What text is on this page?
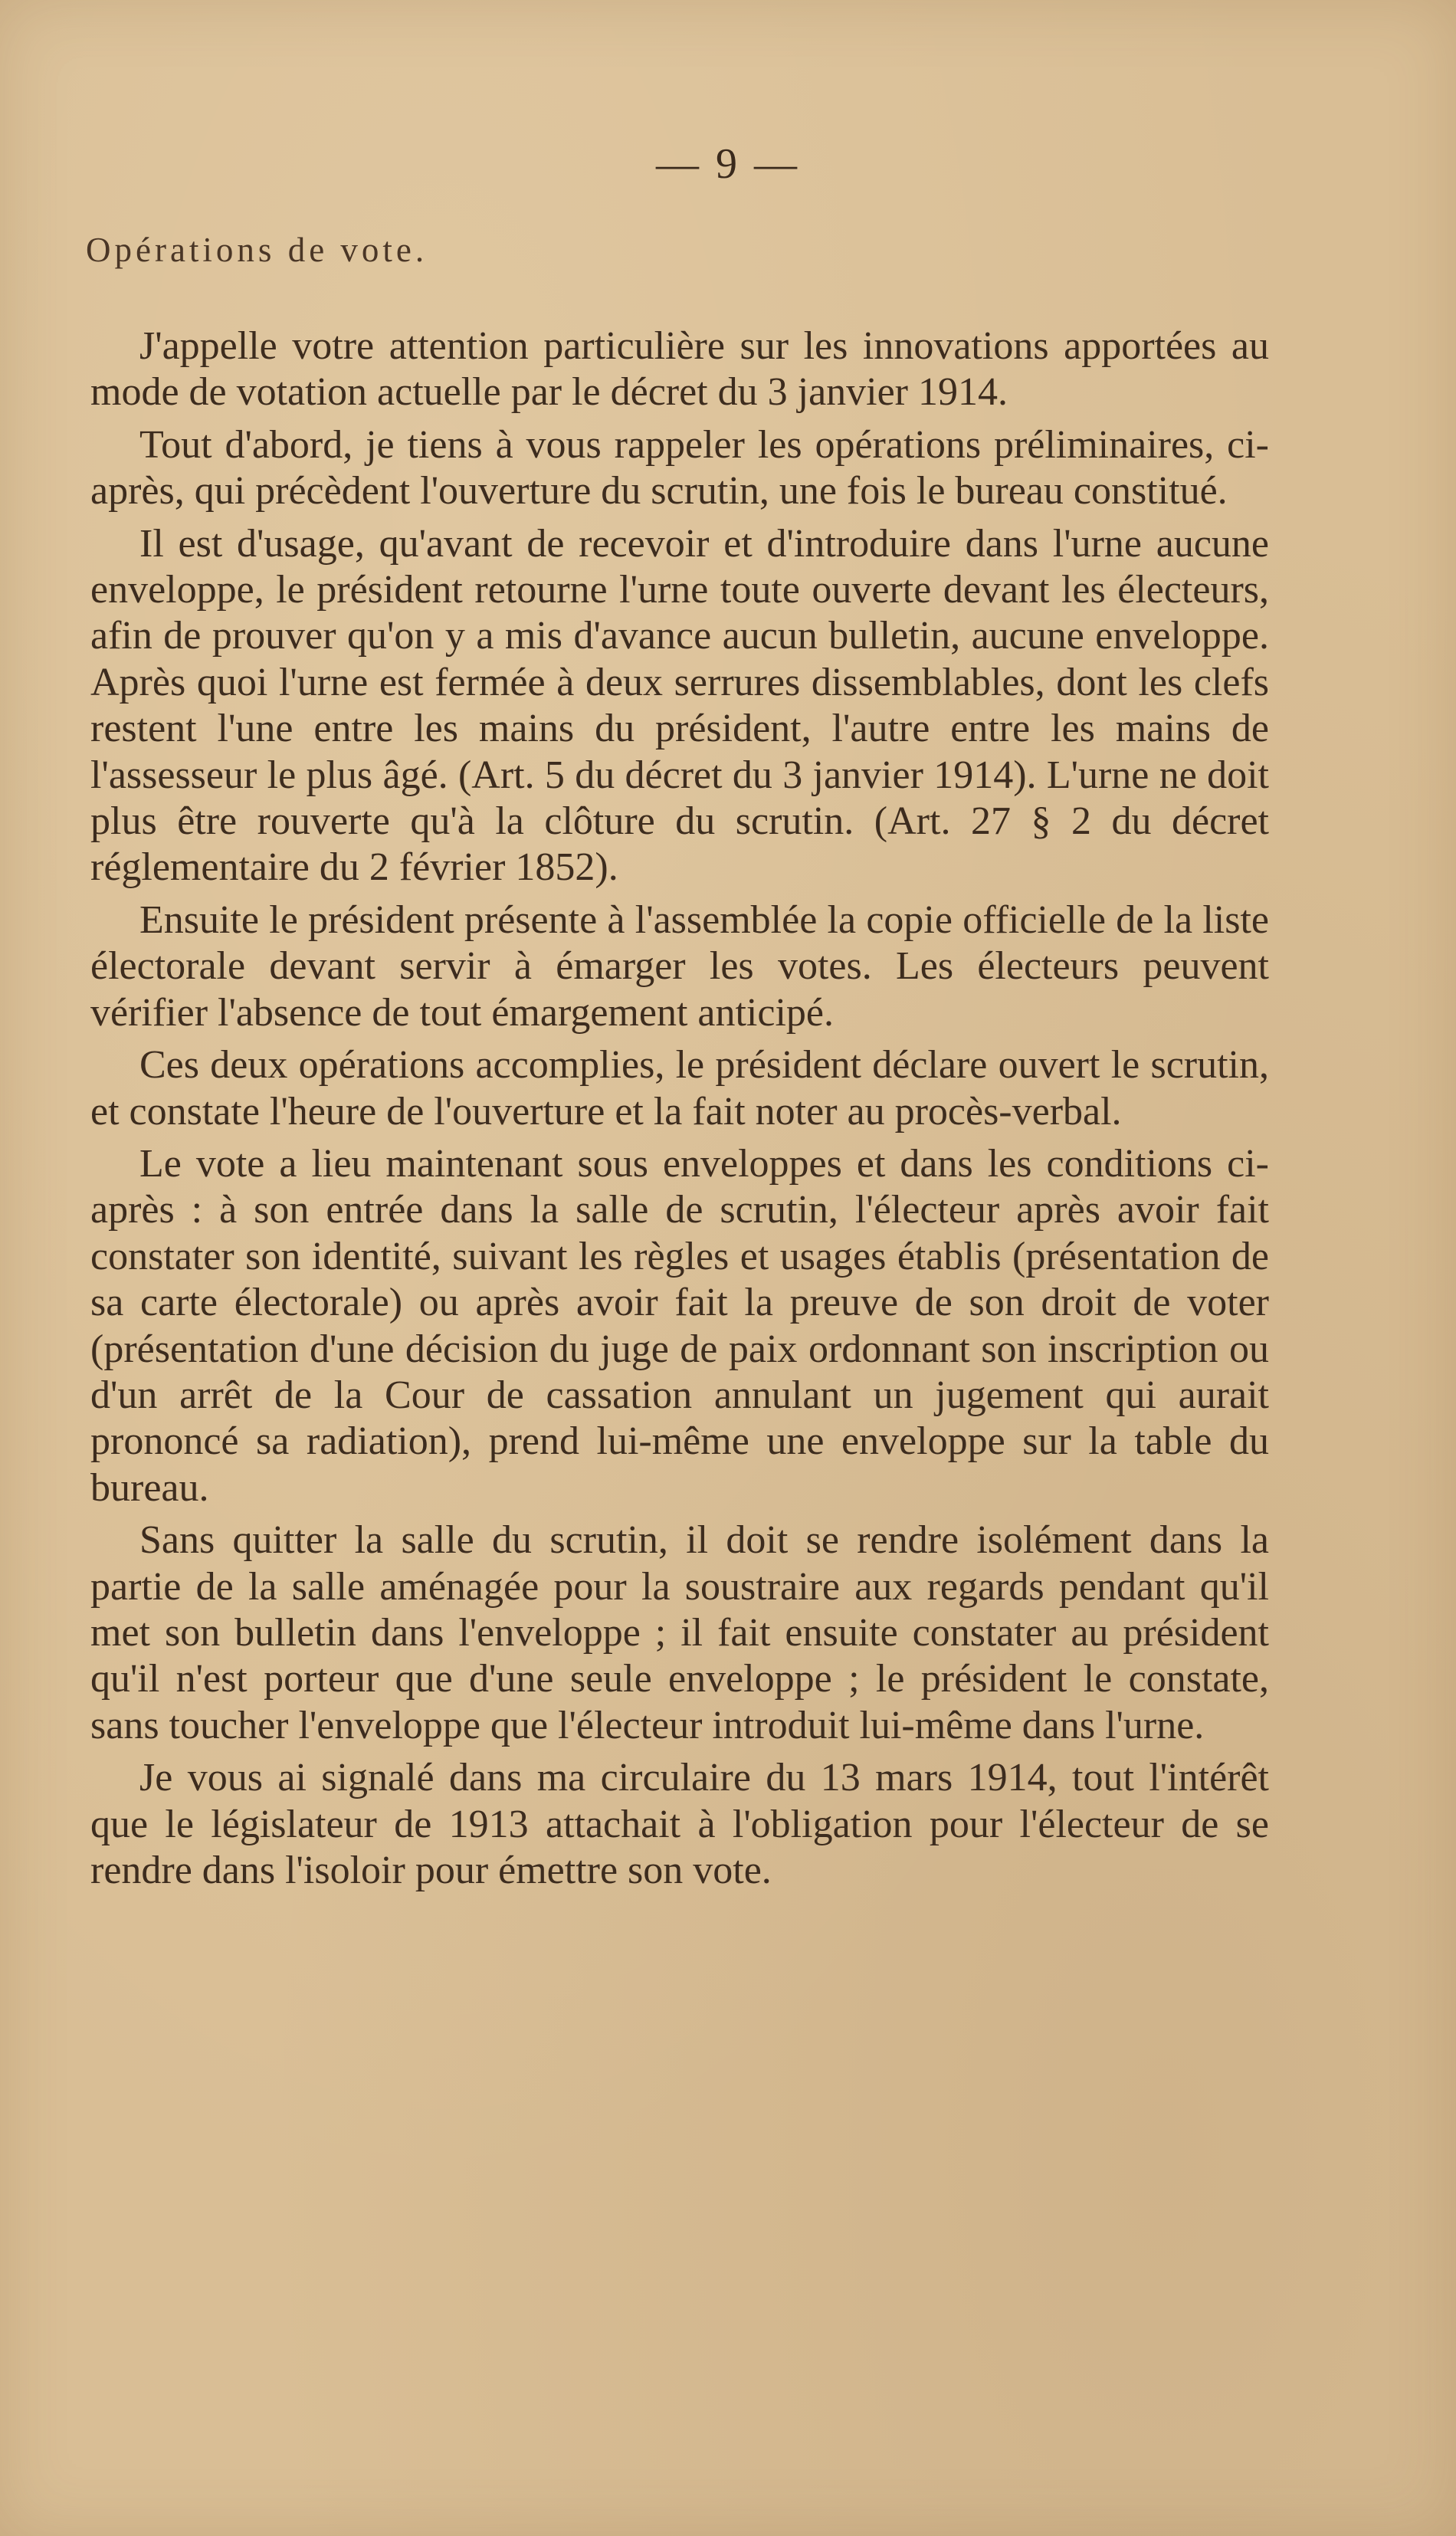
— 9 —
Opérations de vote.

J'appelle votre attention particulière sur les innovations apportées au mode de votation actuelle par le décret du 3 janvier 1914.

Tout d'abord, je tiens à vous rappeler les opérations préliminaires, ci-après, qui précèdent l'ouverture du scrutin, une fois le bureau constitué.

Il est d'usage, qu'avant de recevoir et d'introduire dans l'urne aucune enveloppe, le président retourne l'urne toute ouverte devant les électeurs, afin de prouver qu'on y a mis d'avance aucun bulletin, aucune enveloppe. Après quoi l'urne est fermée à deux serrures dissemblables, dont les clefs restent l'une entre les mains du président, l'autre entre les mains de l'assesseur le plus âgé. (Art. 5 du décret du 3 janvier 1914). L'urne ne doit plus être rouverte qu'à la clôture du scrutin. (Art. 27 § 2 du décret réglementaire du 2 février 1852).

Ensuite le président présente à l'assemblée la copie officielle de la liste électorale devant servir à émarger les votes. Les électeurs peuvent vérifier l'absence de tout émargement anticipé.

Ces deux opérations accomplies, le président déclare ouvert le scrutin, et constate l'heure de l'ouverture et la fait noter au procès-verbal.

Le vote a lieu maintenant sous enveloppes et dans les conditions ci-après : à son entrée dans la salle de scrutin, l'électeur après avoir fait constater son identité, suivant les règles et usages établis (présentation de sa carte électorale) ou après avoir fait la preuve de son droit de voter (présentation d'une décision du juge de paix ordonnant son inscription ou d'un arrêt de la Cour de cassation annulant un jugement qui aurait prononcé sa radiation), prend lui-même une enveloppe sur la table du bureau.

Sans quitter la salle du scrutin, il doit se rendre isolément dans la partie de la salle aménagée pour la soustraire aux regards pendant qu'il met son bulletin dans l'enveloppe ; il fait ensuite constater au président qu'il n'est porteur que d'une seule enveloppe ; le président le constate, sans toucher l'enveloppe que l'électeur introduit lui-même dans l'urne.

Je vous ai signalé dans ma circulaire du 13 mars 1914, tout l'intérêt que le législateur de 1913 attachait à l'obligation pour l'électeur de se rendre dans l'isoloir pour émettre son vote.
